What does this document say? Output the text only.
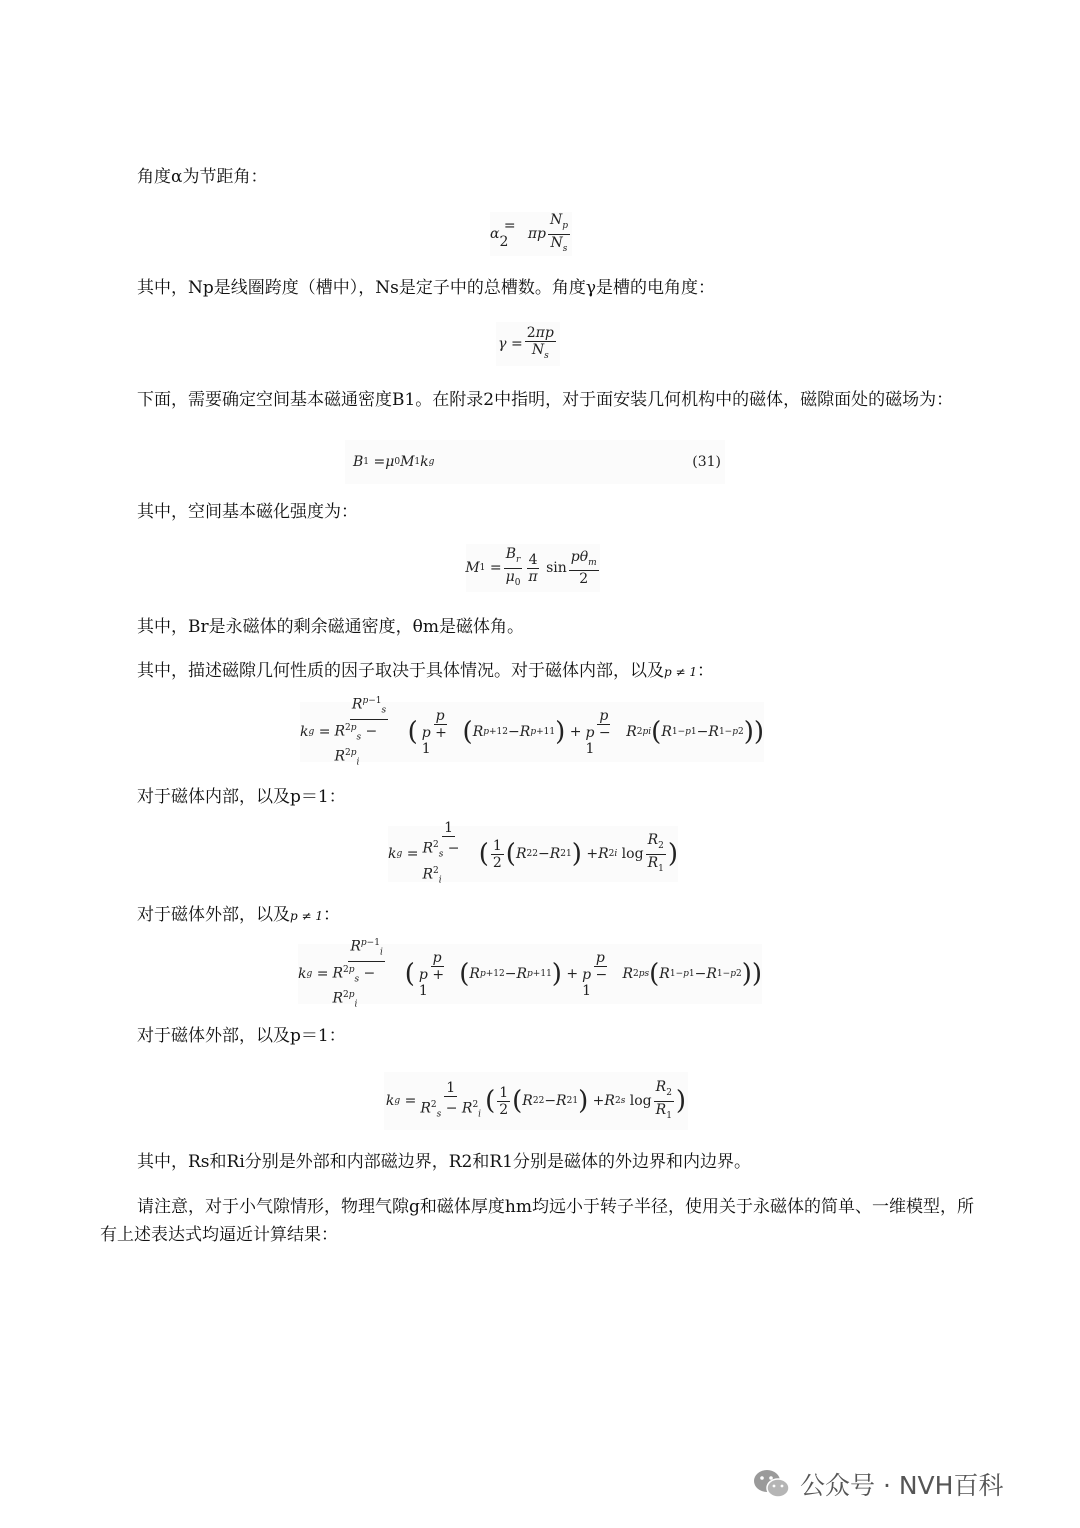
角度α为节距角：

α = 2 πp $\frac{N_p}{N_s}$

其中，Np是线圈跨度（槽中），Ns是定子中的总槽数。角度γ是槽的电角度：

$\gamma = \frac{2\pi p}{N_s}$

下面，需要确定空间基本磁通密度B1。在附录2中指明，对于面安装几何机构中的磁体，磁隙面处的磁场为：

B 1 = μ 0 M 1 k g	(31)

其中，空间基本磁化强度为：

M $1 = \frac{B_r}{\mu_0} \frac{4}{\pi}$ $\sin \frac{p\theta_m}{2}$

其中，Br是永磁体的剩余磁通密度，θm是磁体角。

其中，描述磁隙几何性质的因子取决于具体情况。对于磁体内部，以及p ≠ 1：

k $g = \frac{R^{p-1}_s}{R^{2p}_s - R^{2p}_i}$ ( $\frac{p}{p + 1}$ ( R p+1 2 − R p+1 1 ) + $\frac{p}{p - 1}$ R 2p i ( R 1−p 1 − R 1−p 2 ))

对于磁体内部，以及p＝1：

k $g = \frac{1}{R^2_s - R^2_i}$ ( $\frac{1}{2}$ ( R 2 2 − R 2 1 ) + R 2 i $\log \frac{R_2}{R_1}$ )

对于磁体外部，以及p ≠ 1：

k $g = \frac{R^{p-1}_i}{R^{2p}_s - R^{2p}_i}$ ( $\frac{p}{p + 1}$ ( R p+1 2 − R p+1 1 ) + $\frac{p}{p - 1}$ R 2p s ( R 1−p 1 − R 1−p 2 ))

对于磁体外部，以及p＝1：

k $g = \frac{1}{R^2_s - R^2_i}$ ( $\frac{1}{2}$ ( R 2 2 − R 2 1 ) + R 2 s $\log \frac{R_2}{R_1}$ )

其中，Rs和Ri分别是外部和内部磁边界，R2和R1分别是磁体的外边界和内边界。

请注意，对于小气隙情形，物理气隙g和磁体厚度hm均远小于转子半径，使用关于永磁体的简单、一维模型，所有上述表达式均逼近计算结果：

公众号 · NVH百科
